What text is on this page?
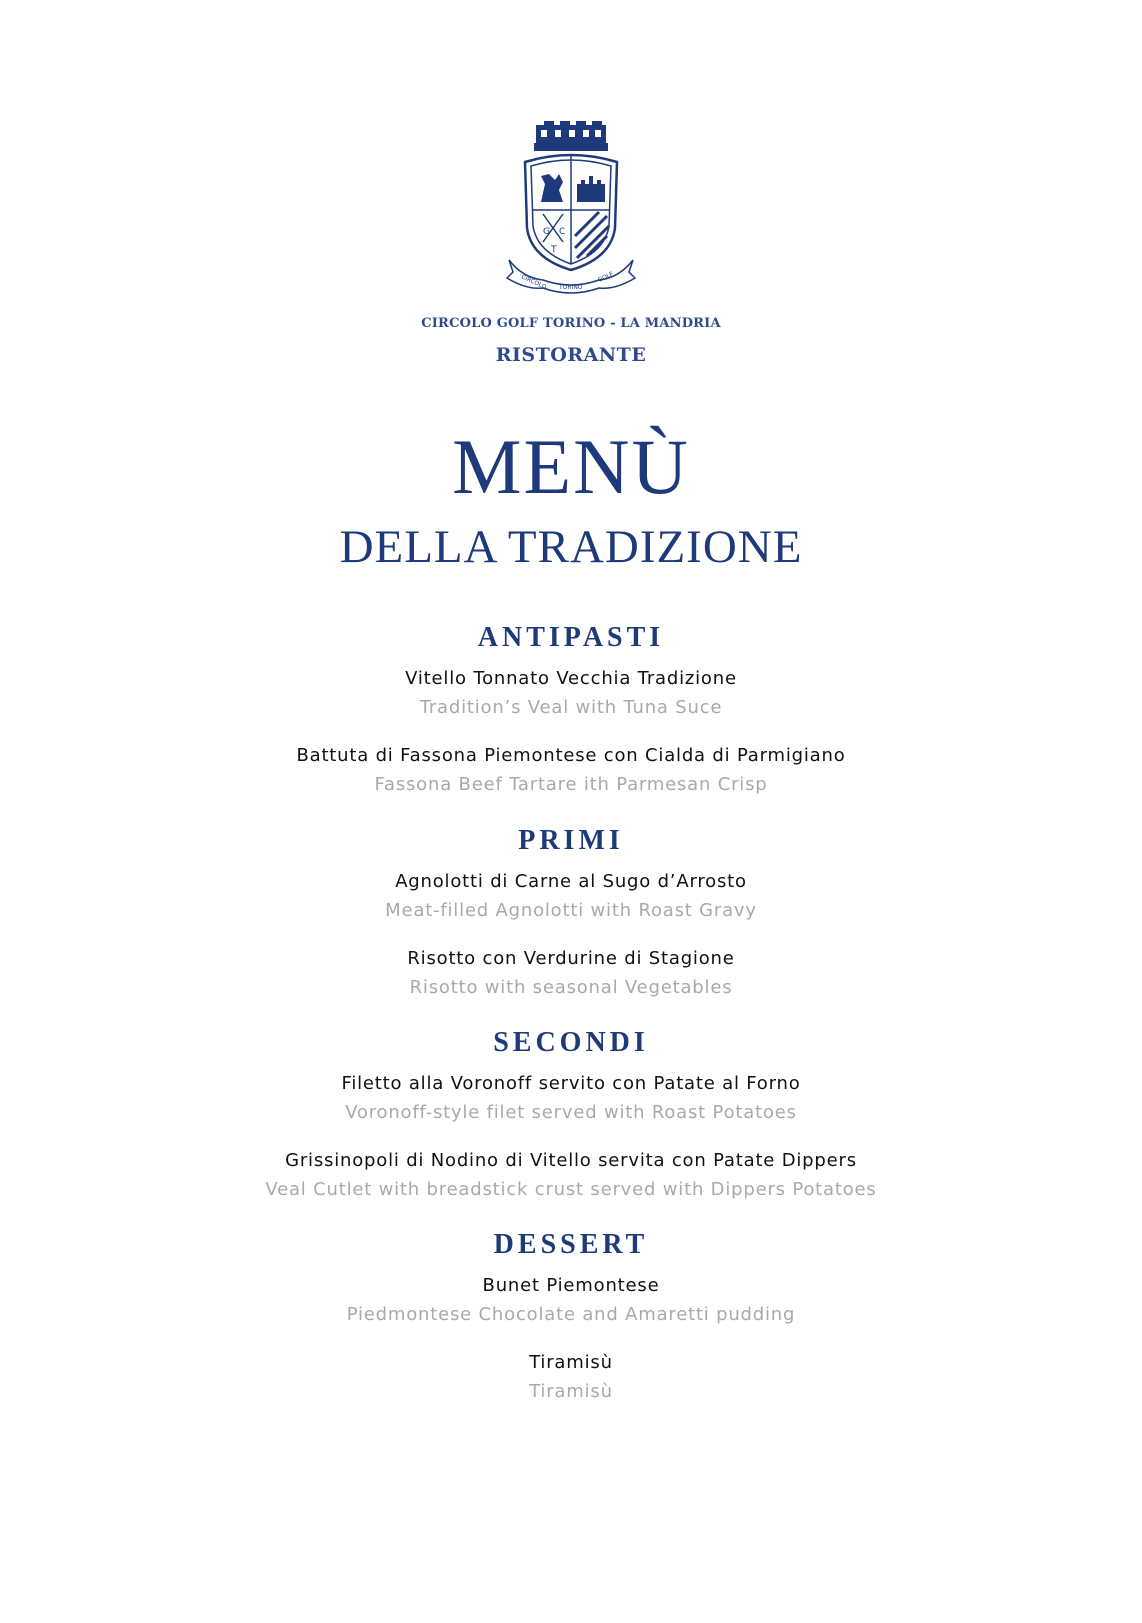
G
T
C
CIRCOLO TORINO
GOLF
CIRCOLO GOLF TORINO - LA MANDRIA
RISTORANTE
MENÙ
DELLA TRADIZIONE
ANTIPASTI
Vitello Tonnato Vecchia Tradizione
Tradition’s Veal with Tuna Suce
Battuta di Fassona Piemontese con Cialda di Parmigiano
Fassona Beef Tartare ith Parmesan Crisp
PRIMI
Agnolotti di Carne al Sugo d’Arrosto
Meat-filled Agnolotti with Roast Gravy
Risotto con Verdurine di Stagione
Risotto with seasonal Vegetables
SECONDI
Filetto alla Voronoff servito con Patate al Forno
Voronoff-style filet served with Roast Potatoes
Grissinopoli di Nodino di Vitello servita con Patate Dippers
Veal Cutlet with breadstick crust served with Dippers Potatoes
DESSERT
Bunet Piemontese
Piedmontese Chocolate and Amaretti pudding
Tiramisù
Tiramisù
